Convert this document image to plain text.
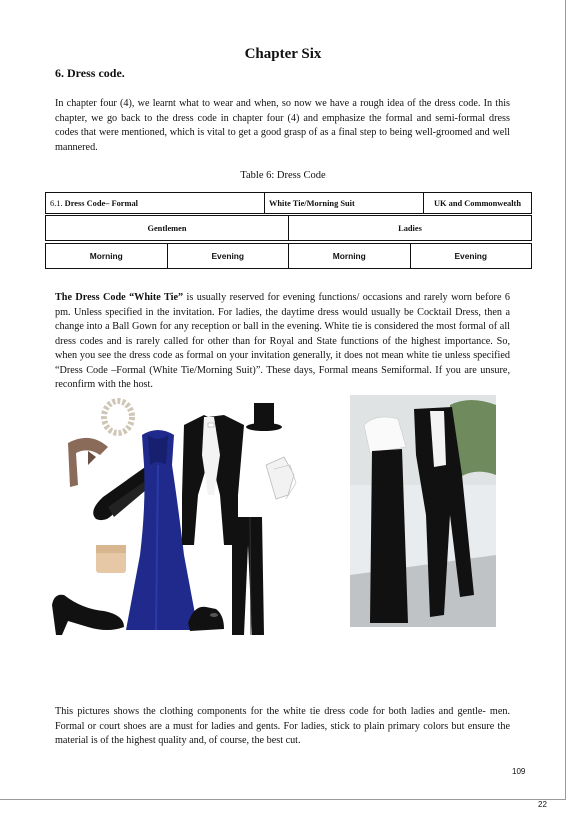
Chapter Six
6. Dress code.
In chapter four (4), we learnt what to wear and when, so now we have a rough idea of the dress code. In this chapter, we go back to the dress code in chapter four (4) and emphasize the formal and semi-formal dress codes that were mentioned, which is vital to get a good grasp of as a final step to being well-groomed and well mannered.
Table 6: Dress Code
6.1. Dress Code– Formal	White Tie/Morning Suit	UK and Commonwealth
Gentlemen	Ladies
Morning	Evening	Morning	Evening
The Dress Code “White Tie” is usually reserved for evening functions/ occasions and rarely worn before 6 pm. Unless specified in the invitation. For ladies, the daytime dress would usually be Cocktail Dress, then a change into a Ball Gown for any reception or ball in the evening. White tie is considered the most formal of all dress codes and is rarely called for other than for Royal and State functions of the highest importance. So, when you see the dress code as formal on your invitation generally, it does not mean white tie unless specified “Dress Code –Formal (White Tie/Morning Suit)”. These days, Formal means Semiformal. If you are unsure, reconfirm with the host.
This pictures shows the clothing components for the white tie dress code for both ladies and gentle- men. Formal or court shoes are a must for ladies and gents. For ladies, stick to plain primary colors but ensure the material is of the highest quality and, of course, the best cut.
109
22
